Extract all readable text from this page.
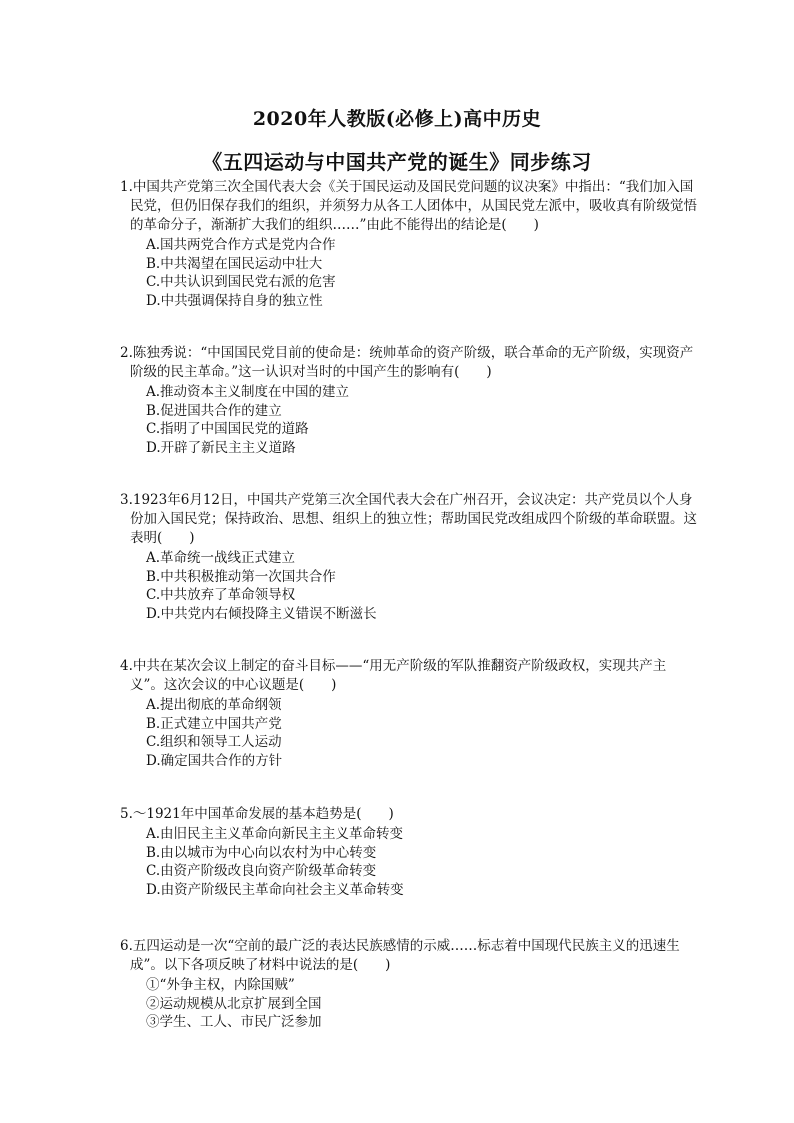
2020年人教版(必修上)高中历史
《五四运动与中国共产党的诞生》同步练习
1.中国共产党第三次全国代表大会《关于国民运动及国民党问题的议决案》中指出：“我们加入国民党，但仍旧保存我们的组织，并须努力从各工人团体中，从国民党左派中，吸收真有阶级觉悟的革命分子，渐渐扩大我们的组织……”由此不能得出的结论是(　　)
A.国共两党合作方式是党内合作
B.中共渴望在国民运动中壮大
C.中共认识到国民党右派的危害
D.中共强调保持自身的独立性
2.陈独秀说：“中国国民党目前的使命是：统帅革命的资产阶级，联合革命的无产阶级，实现资产阶级的民主革命。”这一认识对当时的中国产生的影响有(　　)
A.推动资本主义制度在中国的建立
B.促进国共合作的建立
C.指明了中国国民党的道路
D.开辟了新民主主义道路
3.1923年6月12日，中国共产党第三次全国代表大会在广州召开，会议决定：共产党员以个人身份加入国民党；保持政治、思想、组织上的独立性；帮助国民党改组成四个阶级的革命联盟。这表明(　　)
A.革命统一战线正式建立
B.中共积极推动第一次国共合作
C.中共放弃了革命领导权
D.中共党内右倾投降主义错误不断滋长
4.中共在某次会议上制定的奋斗目标——“用无产阶级的军队推翻资产阶级政权，实现共产主义”。这次会议的中心议题是(　　)
A.提出彻底的革命纲领
B.正式建立中国共产党
C.组织和领导工人运动
D.确定国共合作的方针
5.～1921年中国革命发展的基本趋势是(　　)
A.由旧民主主义革命向新民主主义革命转变
B.由以城市为中心向以农村为中心转变
C.由资产阶级改良向资产阶级革命转变
D.由资产阶级民主革命向社会主义革命转变
6.五四运动是一次“空前的最广泛的表达民族感情的示威……标志着中国现代民族主义的迅速生成”。以下各项反映了材料中说法的是(　　)
①“外争主权，内除国贼”
②运动规模从北京扩展到全国
③学生、工人、市民广泛参加
